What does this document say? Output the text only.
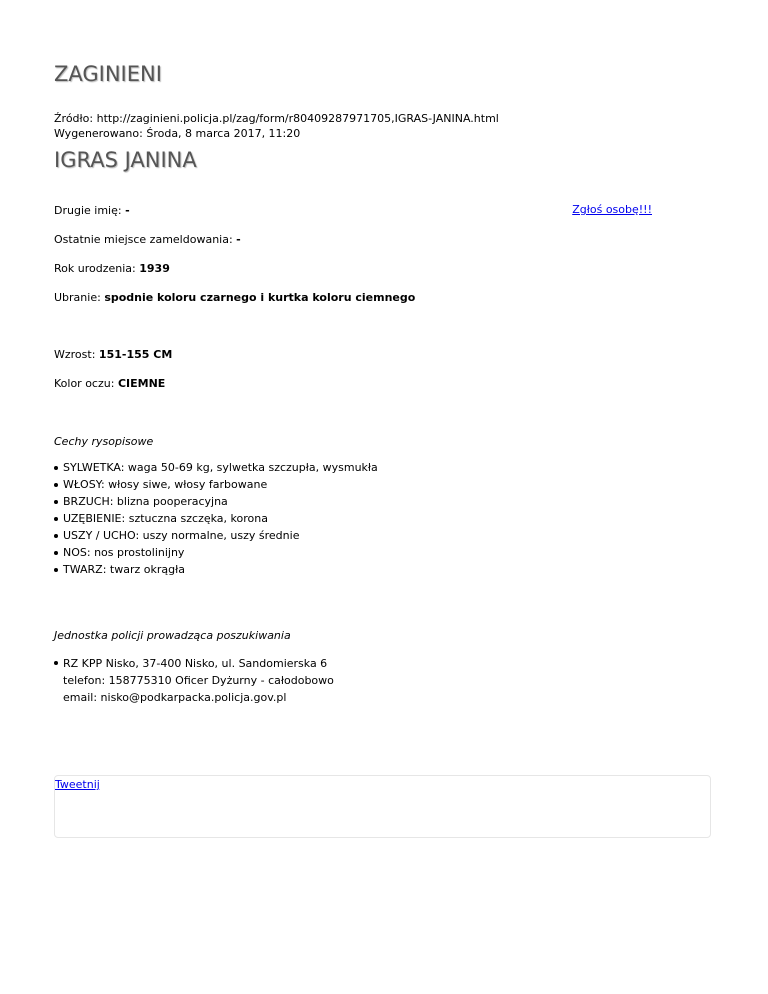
ZAGINIENI
Źródło: http://zaginieni.policja.pl/zag/form/r80409287971705,IGRAS-JANINA.html
Wygenerowano: Środa, 8 marca 2017, 11:20
IGRAS JANINA
Zgłoś osobę!!!
Drugie imię: -
Ostatnie miejsce zameldowania: -
Rok urodzenia: 1939
Ubranie: spodnie koloru czarnego i kurtka koloru ciemnego
Wzrost: 151-155 CM
Kolor oczu: CIEMNE
Cechy rysopisowe
SYLWETKA: waga 50-69 kg, sylwetka szczupła, wysmukła
WŁOSY: włosy siwe, włosy farbowane
BRZUCH: blizna pooperacyjna
UZĘBIENIE: sztuczna szczęka, korona
USZY / UCHO: uszy normalne, uszy średnie
NOS: nos prostolinijny
TWARZ: twarz okrągła
Jednostka policji prowadząca poszukiwania
RZ KPP Nisko, 37-400 Nisko, ul. Sandomierska 6
telefon: 158775310 Oficer Dyżurny - całodobowo
email: nisko@podkarpacka.policja.gov.pl
Tweetnij
